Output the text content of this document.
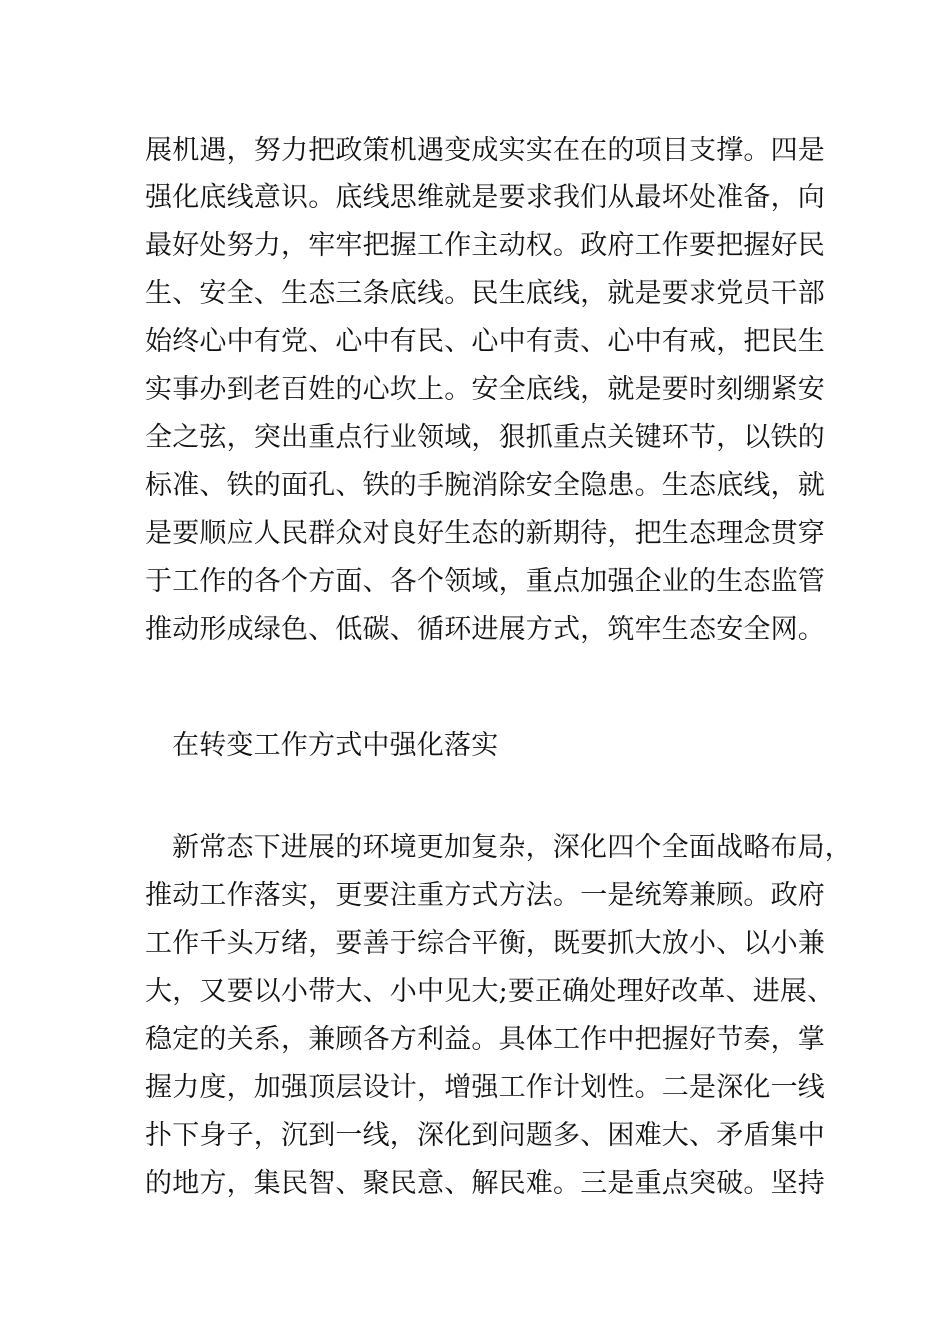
展机遇，努力把政策机遇变成实实在在的项目支撑。四是
强化底线意识。底线思维就是要求我们从最坏处准备，向
最好处努力，牢牢把握工作主动权。政府工作要把握好民
生、安全、生态三条底线。民生底线，就是要求党员干部
始终心中有党、心中有民、心中有责、心中有戒，把民生
实事办到老百姓的心坎上。安全底线，就是要时刻绷紧安
全之弦，突出重点行业领域，狠抓重点关键环节，以铁的
标准、铁的面孔、铁的手腕消除安全隐患。生态底线，就
是要顺应人民群众对良好生态的新期待，把生态理念贯穿
于工作的各个方面、各个领域，重点加强企业的生态监管
推动形成绿色、低碳、循环进展方式，筑牢生态安全网。
在转变工作方式中强化落实
新常态下进展的环境更加复杂，深化四个全面战略布局，
推动工作落实，更要注重方式方法。一是统筹兼顾。政府
工作千头万绪，要善于综合平衡，既要抓大放小、以小兼
大，又要以小带大、小中见大;要正确处理好改革、进展、
稳定的关系，兼顾各方利益。具体工作中把握好节奏，掌
握力度，加强顶层设计，增强工作计划性。二是深化一线
扑下身子，沉到一线，深化到问题多、困难大、矛盾集中
的地方，集民智、聚民意、解民难。三是重点突破。坚持
